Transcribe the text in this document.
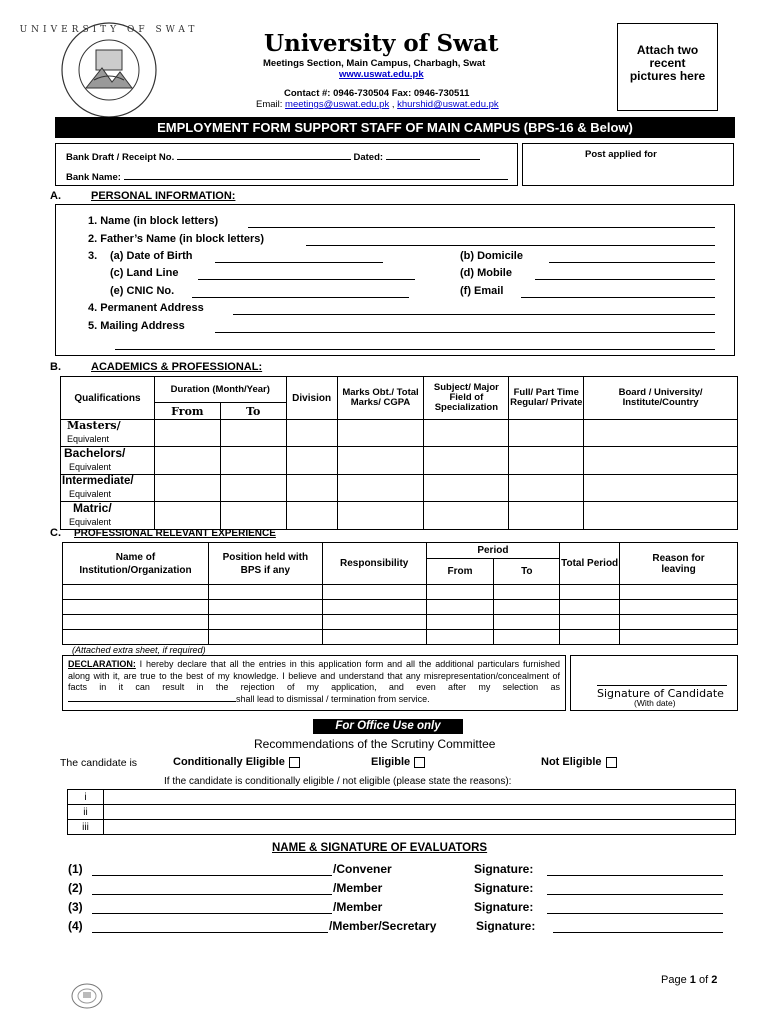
UNIVERSITY OF SWAT	University of Swat
Meetings Section, Main Campus, Charbagh, Swat
www.uswat.edu.pk
Contact #: 0946-730504 Fax: 0946-730511
Email: meetings@uswat.edu.pk , khurshid@uswat.edu.pk
Attach two recent pictures here
EMPLOYMENT FORM SUPPORT STAFF OF MAIN CAMPUS (BPS-16 & Below)
Bank Draft / Receipt No.	Dated:
Bank Name:
Post applied for
A.	PERSONAL INFORMATION:
1. Name (in block letters)
2. Father’s Name (in block letters)
3. (a) Date of Birth	(b) Domicile
(c) Land Line	(d) Mobile
(e) CNIC No.	(f) Email
4. Permanent Address
5. Mailing Address
B.	ACADEMICS & PROFESSIONAL:
Qualifications	Duration (Month/Year)		Division	Marks Obt./ Total Marks/ CGPA	Subject/ Major Field of Specialization	Full/ Part Time Regular/ Private	Board / University/ Institute/Country
	From	To					
Masters/
Equivalent							
Bachelors/
Equivalent							
Intermediate/
Equivalent							
Matric/
Equivalent							
C. PROFESSIONAL RELEVANT EXPERIENCE
Name of Institution/Organization	Position held with BPS if any	Responsibility	Period		Total Period	Reason for leaving
			From	To		

(Attached extra sheet, if required)
DECLARATION: I hereby declare that all the entries in this application form and all the additional particulars furnished along with it, are true to the best of my knowledge. I believe and understand that any misrepresentation/concealment of facts in it can result in the rejection of my application, and even after my selection asshall lead to dismissal / termination from service.	Signature of Candidate
(With date)
For Office Use only
Recommendations of the Scrutiny Committee
The candidate is	Conditionally Eligible	Eligible	Not Eligible
If the candidate is conditionally eligible / not eligible (please state the reasons):
i	
ii	
iii	
NAME & SIGNATURE OF EVALUATORS
(1)	/Convener	Signature:
(2)	/Member	Signature:
(3)	/Member	Signature:
(4)	/Member/Secretary	Signature:
Page 1 of 2
